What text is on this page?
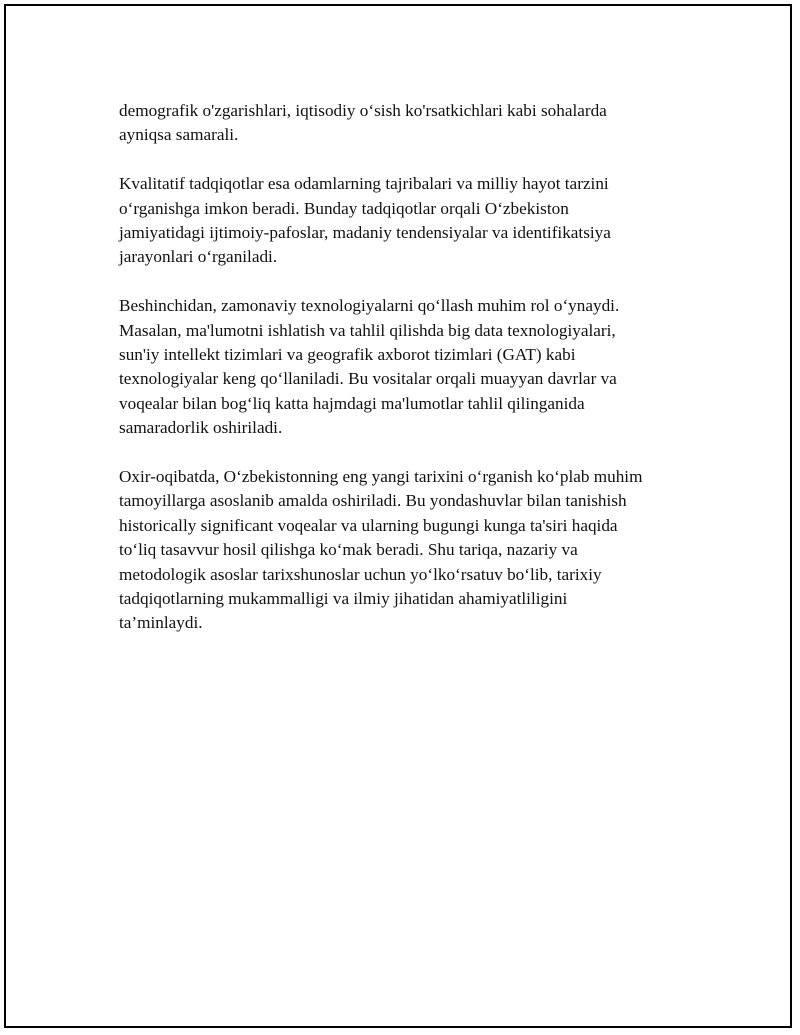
demografik o'zgarishlari, iqtisodiy oʻsish ko'rsatkichlari kabi sohalarda
ayniqsa samarali.

Kvalitatif tadqiqotlar esa odamlarning tajribalari va milliy hayot tarzini
oʻrganishga imkon beradi. Bunday tadqiqotlar orqali Oʻzbekiston
jamiyatidagi ijtimoiy-pafoslar, madaniy tendensiyalar va identifikatsiya
jarayonlari oʻrganiladi.

Beshinchidan, zamonaviy texnologiyalarni qoʻllash muhim rol oʻynaydi.
Masalan, ma'lumotni ishlatish va tahlil qilishda big data texnologiyalari,
sun'iy intellekt tizimlari va geografik axborot tizimlari (GAT) kabi
texnologiyalar keng qoʻllaniladi. Bu vositalar orqali muayyan davrlar va
voqealar bilan bogʻliq katta hajmdagi ma'lumotlar tahlil qilinganida
samaradorlik oshiriladi.

Oxir-oqibatda, Oʻzbekistonning eng yangi tarixini oʻrganish koʻplab muhim
tamoyillarga asoslanib amalda oshiriladi. Bu yondashuvlar bilan tanishish
historically significant voqealar va ularning bugungi kunga ta'siri haqida
toʻliq tasavvur hosil qilishga koʻmak beradi. Shu tariqa, nazariy va
metodologik asoslar tarixshunoslar uchun yoʻlkoʻrsatuv boʻlib, tarixiy
tadqiqotlarning mukammalligi va ilmiy jihatidan ahamiyatliligini
ta’minlaydi.
